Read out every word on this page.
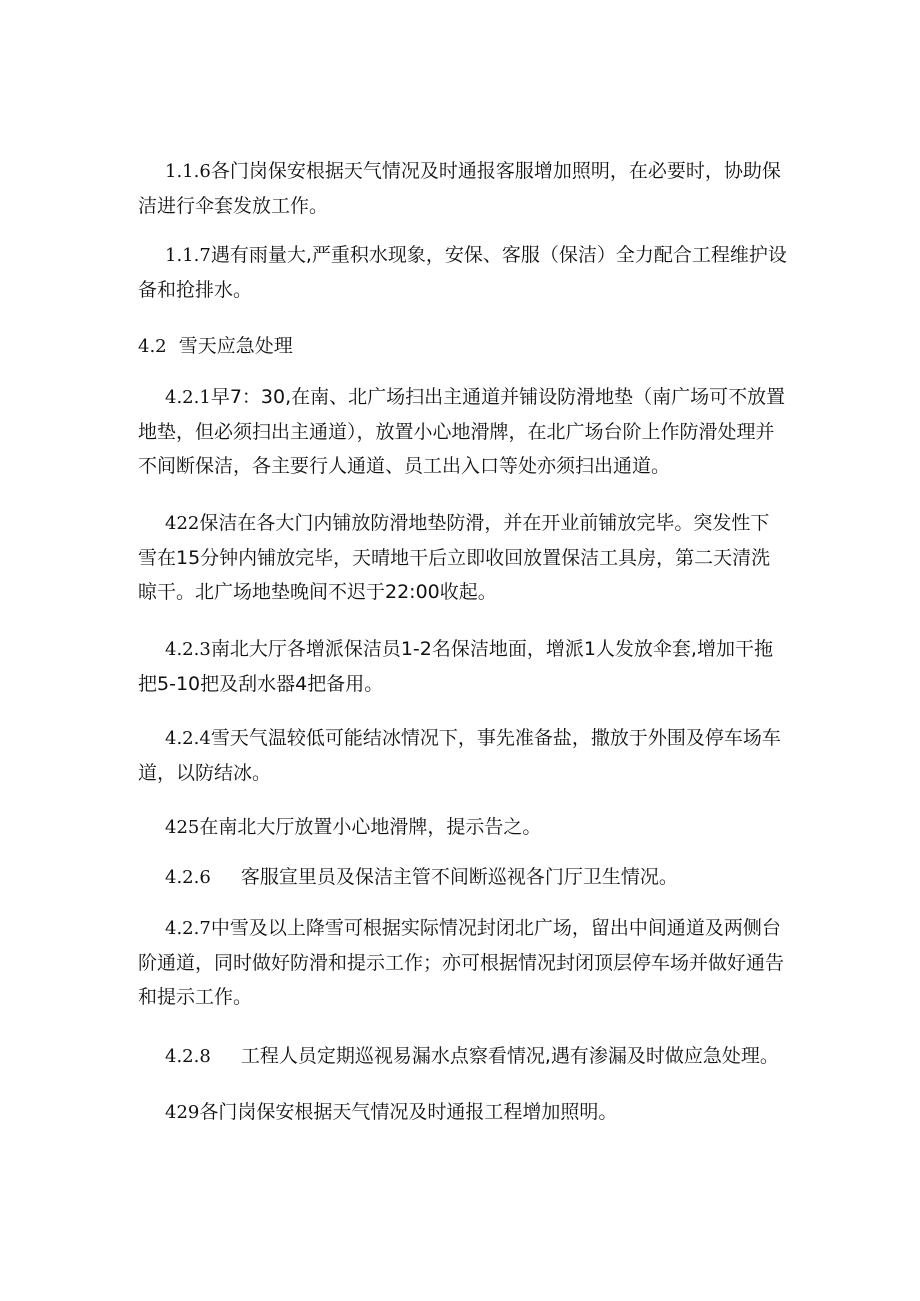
1.1.6各门岗保安根据天气情况及时通报客服增加照明，在必要时，协助保洁进行伞套发放工作。

1.1.7遇有雨量大,严重积水现象，安保、客服（保洁）全力配合工程维护设备和抢排水。

4.2 雪天应急处理

4.2.1早7：30,在南、北广场扫出主通道并铺设防滑地垫（南广场可不放置地垫，但必须扫出主通道），放置小心地滑牌，在北广场台阶上作防滑处理并不间断保洁，各主要行人通道、员工出入口等处亦须扫出通道。

422保洁在各大门内铺放防滑地垫防滑，并在开业前铺放完毕。突发性下雪在15分钟内铺放完毕，天晴地干后立即收回放置保洁工具房，第二天清洗晾干。北广场地垫晚间不迟于22:00收起。

4.2.3南北大厅各增派保洁员1-2名保洁地面，增派1人发放伞套,增加干拖把5-10把及刮水器4把备用。

4.2.4雪天气温较低可能结冰情况下，事先准备盐，撒放于外围及停车场车道，以防结冰。

425在南北大厅放置小心地滑牌，提示告之。

4.2.6 客服宣里员及保洁主管不间断巡视各门厅卫生情况。

4.2.7中雪及以上降雪可根据实际情况封闭北广场，留出中间通道及两侧台阶通道，同时做好防滑和提示工作；亦可根据情况封闭顶层停车场并做好通告和提示工作。

4.2.8 工程人员定期巡视易漏水点察看情况,遇有渗漏及时做应急处理。

429各门岗保安根据天气情况及时通报工程增加照明。
